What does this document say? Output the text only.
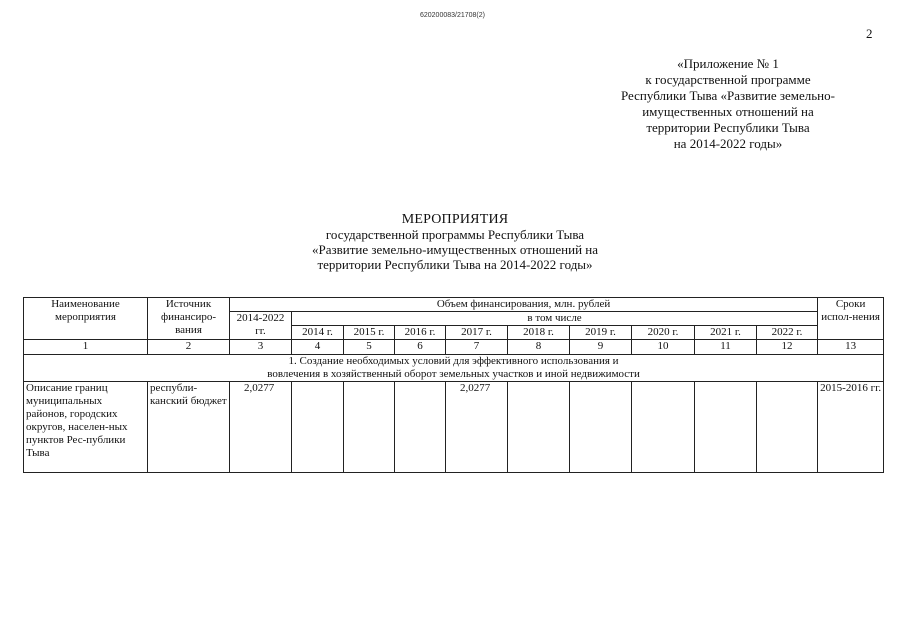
620200083/21708(2)
2
«Приложение № 1
к государственной программе
Республики Тыва «Развитие земельно-
имущественных отношений на
территории Республики Тыва
на 2014-2022 годы»
МЕРОПРИЯТИЯ
государственной программы Республики Тыва
«Развитие земельно-имущественных отношений на
территории Республики Тыва на 2014-2022 годы»
Наименование мероприятия	Источник финансиро-вания	Объем финансирования, млн. рублей										Сроки испол-нения
		2014-2022 гг.	в том числе									
			2014 г.	2015 г.	2016 г.	2017 г.	2018 г.	2019 г.	2020 г.	2021 г.	2022 г.	
1	2	3	4	5	6	7	8	9	10	11	12	13

1. Создание необходимых условий для эффективного использования и
вовлечения в хозяйственный оборот земельных участков и иной недвижимости												

Описание границ муниципальных районов, городских округов, населен-ных пунктов Рес-публики Тыва	республи-канский бюджет	2,0277				2,0277						2015-2016 гг.
